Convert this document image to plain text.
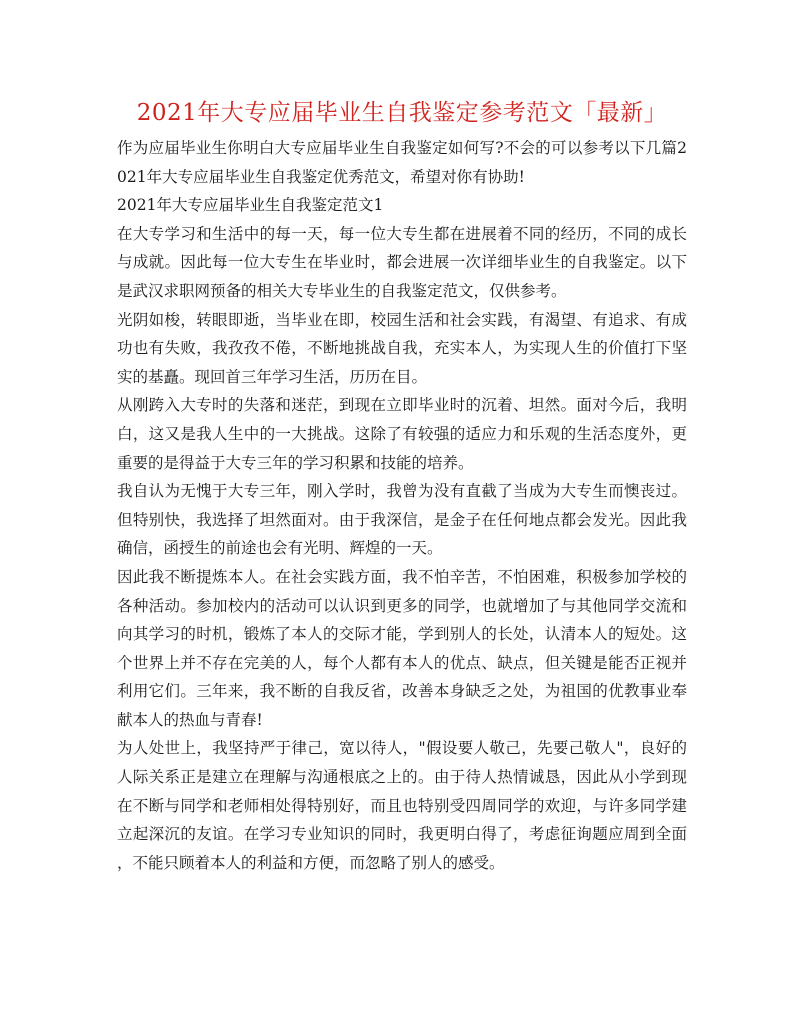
2021年大专应届毕业生自我鉴定参考范文「最新」
作为应届毕业生你明白大专应届毕业生自我鉴定如何写?不会的可以参考以下几篇2
021年大专应届毕业生自我鉴定优秀范文，希望对你有协助!
2021年大专应届毕业生自我鉴定范文1
在大专学习和生活中的每一天，每一位大专生都在进展着不同的经历，不同的成长
与成就。因此每一位大专生在毕业时，都会进展一次详细毕业生的自我鉴定。以下
是武汉求职网预备的相关大专毕业生的自我鉴定范文，仅供参考。
光阴如梭，转眼即逝，当毕业在即，校园生活和社会实践，有渴望、有追求、有成
功也有失败，我孜孜不倦，不断地挑战自我，充实本人，为实现人生的价值打下坚
实的基矗。现回首三年学习生活，历历在目。
从刚跨入大专时的失落和迷茫，到现在立即毕业时的沉着、坦然。面对今后，我明
白，这又是我人生中的一大挑战。这除了有较强的适应力和乐观的生活态度外，更
重要的是得益于大专三年的学习积累和技能的培养。
我自认为无愧于大专三年，刚入学时，我曾为没有直截了当成为大专生而懊丧过。
但特别快，我选择了坦然面对。由于我深信，是金子在任何地点都会发光。因此我
确信，函授生的前途也会有光明、辉煌的一天。
因此我不断提炼本人。在社会实践方面，我不怕辛苦，不怕困难，积极参加学校的
各种活动。参加校内的活动可以认识到更多的同学，也就增加了与其他同学交流和
向其学习的时机，锻炼了本人的交际才能，学到别人的长处，认清本人的短处。这
个世界上并不存在完美的人，每个人都有本人的优点、缺点，但关键是能否正视并
利用它们。三年来，我不断的自我反省，改善本身缺乏之处，为祖国的优教事业奉
献本人的热血与青春!
为人处世上，我坚持严于律己，宽以待人，"假设要人敬己，先要己敬人"，良好的
人际关系正是建立在理解与沟通根底之上的。由于待人热情诚恳，因此从小学到现
在不断与同学和老师相处得特别好，而且也特别受四周同学的欢迎，与许多同学建
立起深沉的友谊。在学习专业知识的同时，我更明白得了，考虑征询题应周到全面
，不能只顾着本人的利益和方便，而忽略了别人的感受。
